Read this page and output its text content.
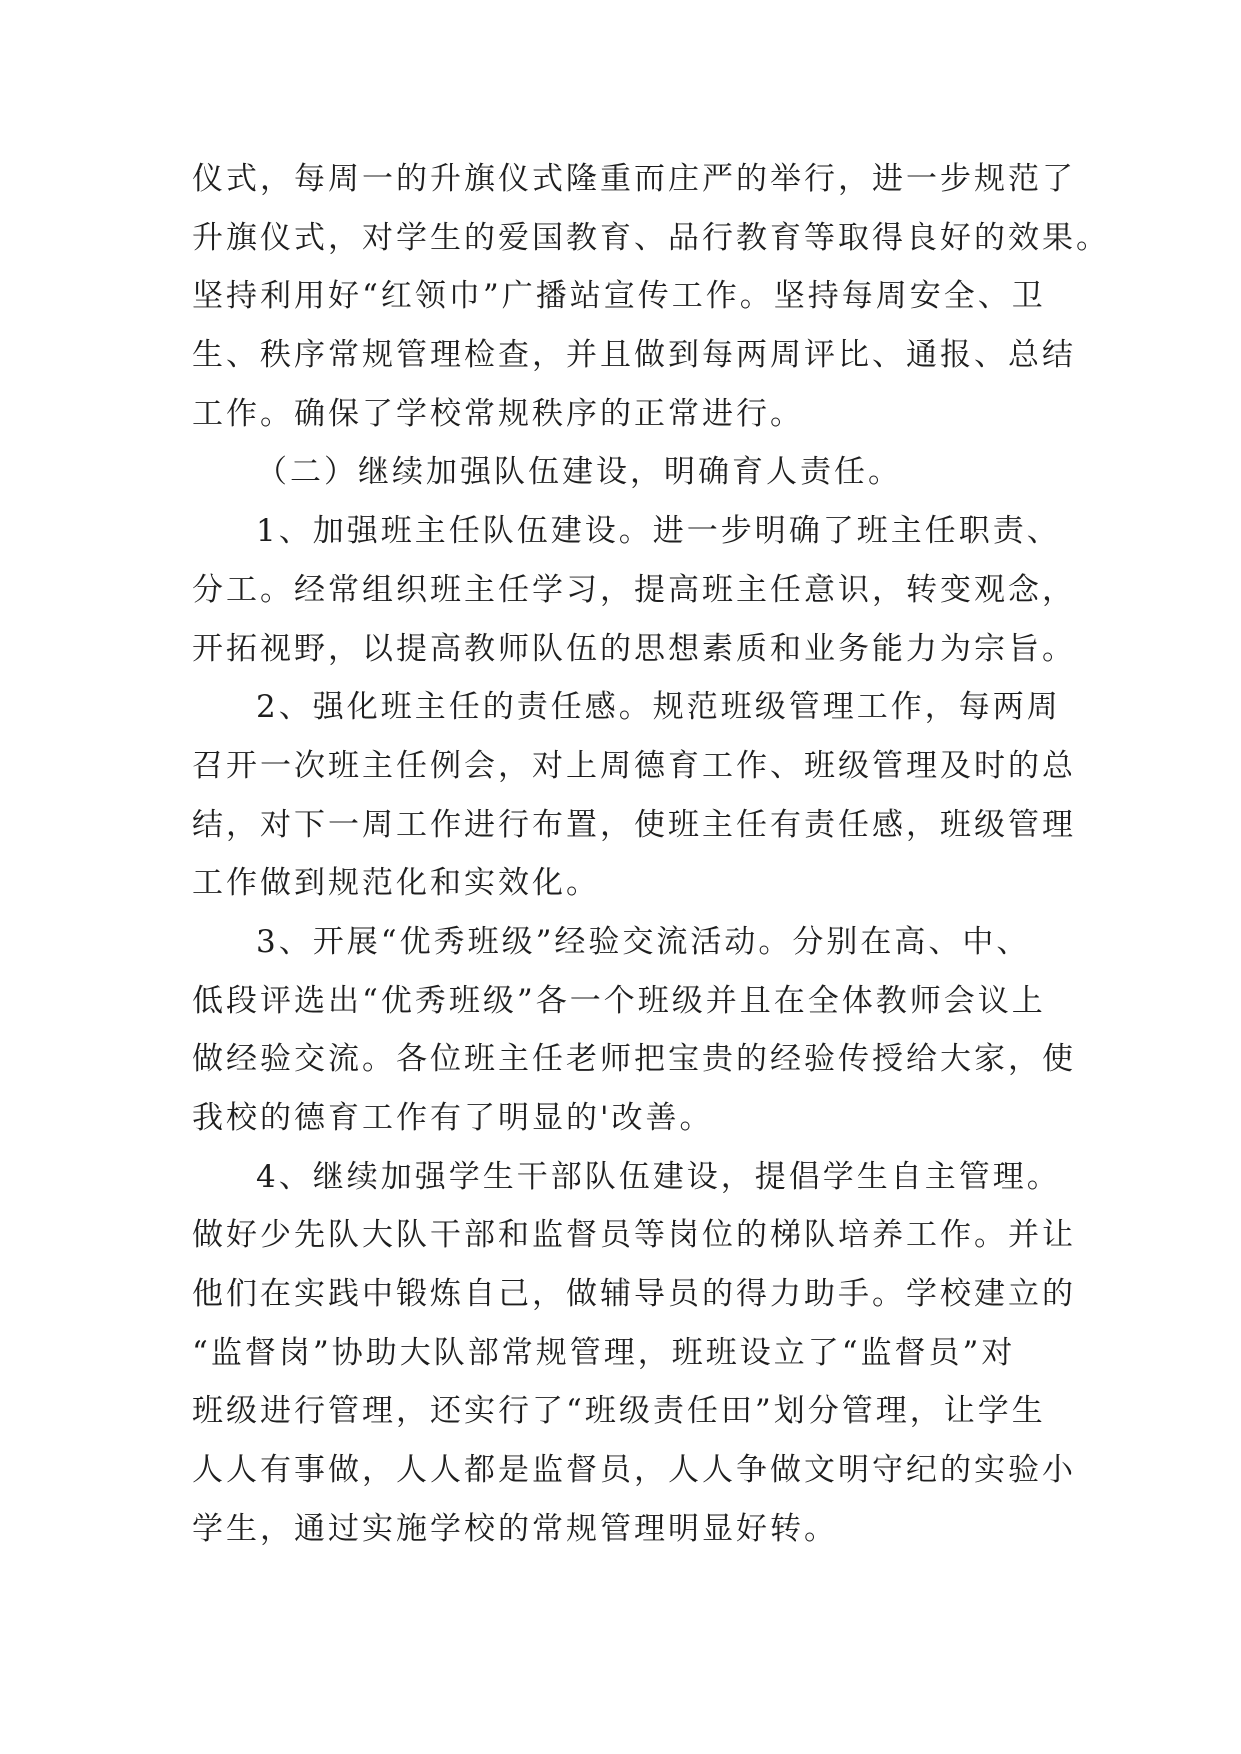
仪式，每周一的升旗仪式隆重而庄严的举行，进一步规范了
升旗仪式，对学生的爱国教育、品行教育等取得良好的效果。
坚持利用好“红领巾”广播站宣传工作。坚持每周安全、卫
生、秩序常规管理检查，并且做到每两周评比、通报、总结
工作。确保了学校常规秩序的正常进行。
（二）继续加强队伍建设，明确育人责任。
1、加强班主任队伍建设。进一步明确了班主任职责、
分工。经常组织班主任学习，提高班主任意识，转变观念，
开拓视野，以提高教师队伍的思想素质和业务能力为宗旨。
2、强化班主任的责任感。规范班级管理工作，每两周
召开一次班主任例会，对上周德育工作、班级管理及时的总
结，对下一周工作进行布置，使班主任有责任感，班级管理
工作做到规范化和实效化。
3、开展“优秀班级”经验交流活动。分别在高、中、
低段评选出“优秀班级”各一个班级并且在全体教师会议上
做经验交流。各位班主任老师把宝贵的经验传授给大家，使
我校的德育工作有了明显的'改善。
4、继续加强学生干部队伍建设，提倡学生自主管理。
做好少先队大队干部和监督员等岗位的梯队培养工作。并让
他们在实践中锻炼自己，做辅导员的得力助手。学校建立的
“监督岗”协助大队部常规管理，班班设立了“监督员”对
班级进行管理，还实行了“班级责任田”划分管理，让学生
人人有事做，人人都是监督员，人人争做文明守纪的实验小
学生，通过实施学校的常规管理明显好转。
